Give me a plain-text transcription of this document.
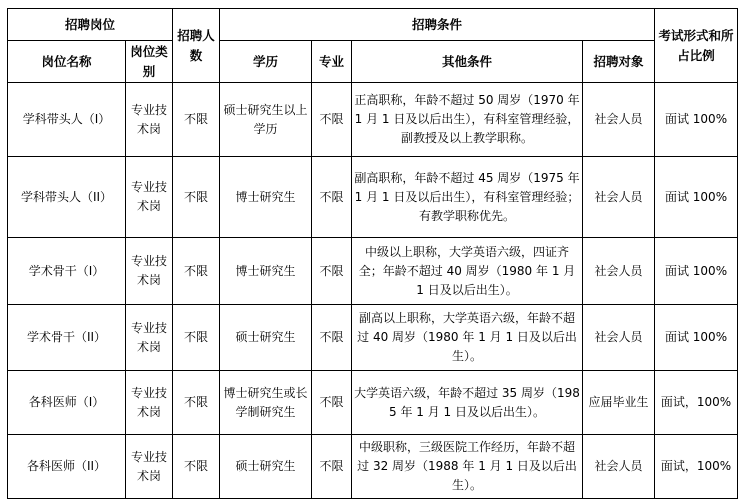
招聘岗位		招聘人数	招聘条件				考试形式和所占比例
岗位名称	岗位类别		学历	专业	其他条件	招聘对象	
学科带头人（I）	专业技术岗	不限	硕士研究生以上学历	不限	正高职称，年龄不超过 50 周岁（1970 年 1 月 1 日及以后出生），有科室管理经验，副教授及以上教学职称。	社会人员	面试 100%
学科带头人（II）	专业技术岗	不限	博士研究生	不限	副高职称，年龄不超过 45 周岁（1975 年 1 月 1 日及以后出生），有科室管理经验；有教学职称优先。	社会人员	面试 100%
学术骨干（I）	专业技术岗	不限	博士研究生	不限	中级以上职称，大学英语六级，四证齐全；年龄不超过 40 周岁（1980 年 1 月 1 日及以后出生）。	社会人员	面试 100%
学术骨干（II）	专业技术岗	不限	硕士研究生	不限	副高以上职称，大学英语六级，年龄不超过 40 周岁（1980 年 1 月 1 日及以后出生）。	社会人员	面试 100%
各科医师（I）	专业技术岗	不限	博士研究生或长学制研究生	不限	大学英语六级，年龄不超过 35 周岁（1985 年 1 月 1 日及以后出生）。	应届毕业生	面试，100%
各科医师（II）	专业技术岗	不限	硕士研究生	不限	中级职称，三级医院工作经历，年龄不超过 32 周岁（1988 年 1 月 1 日及以后出生）。	社会人员	面试，100%
